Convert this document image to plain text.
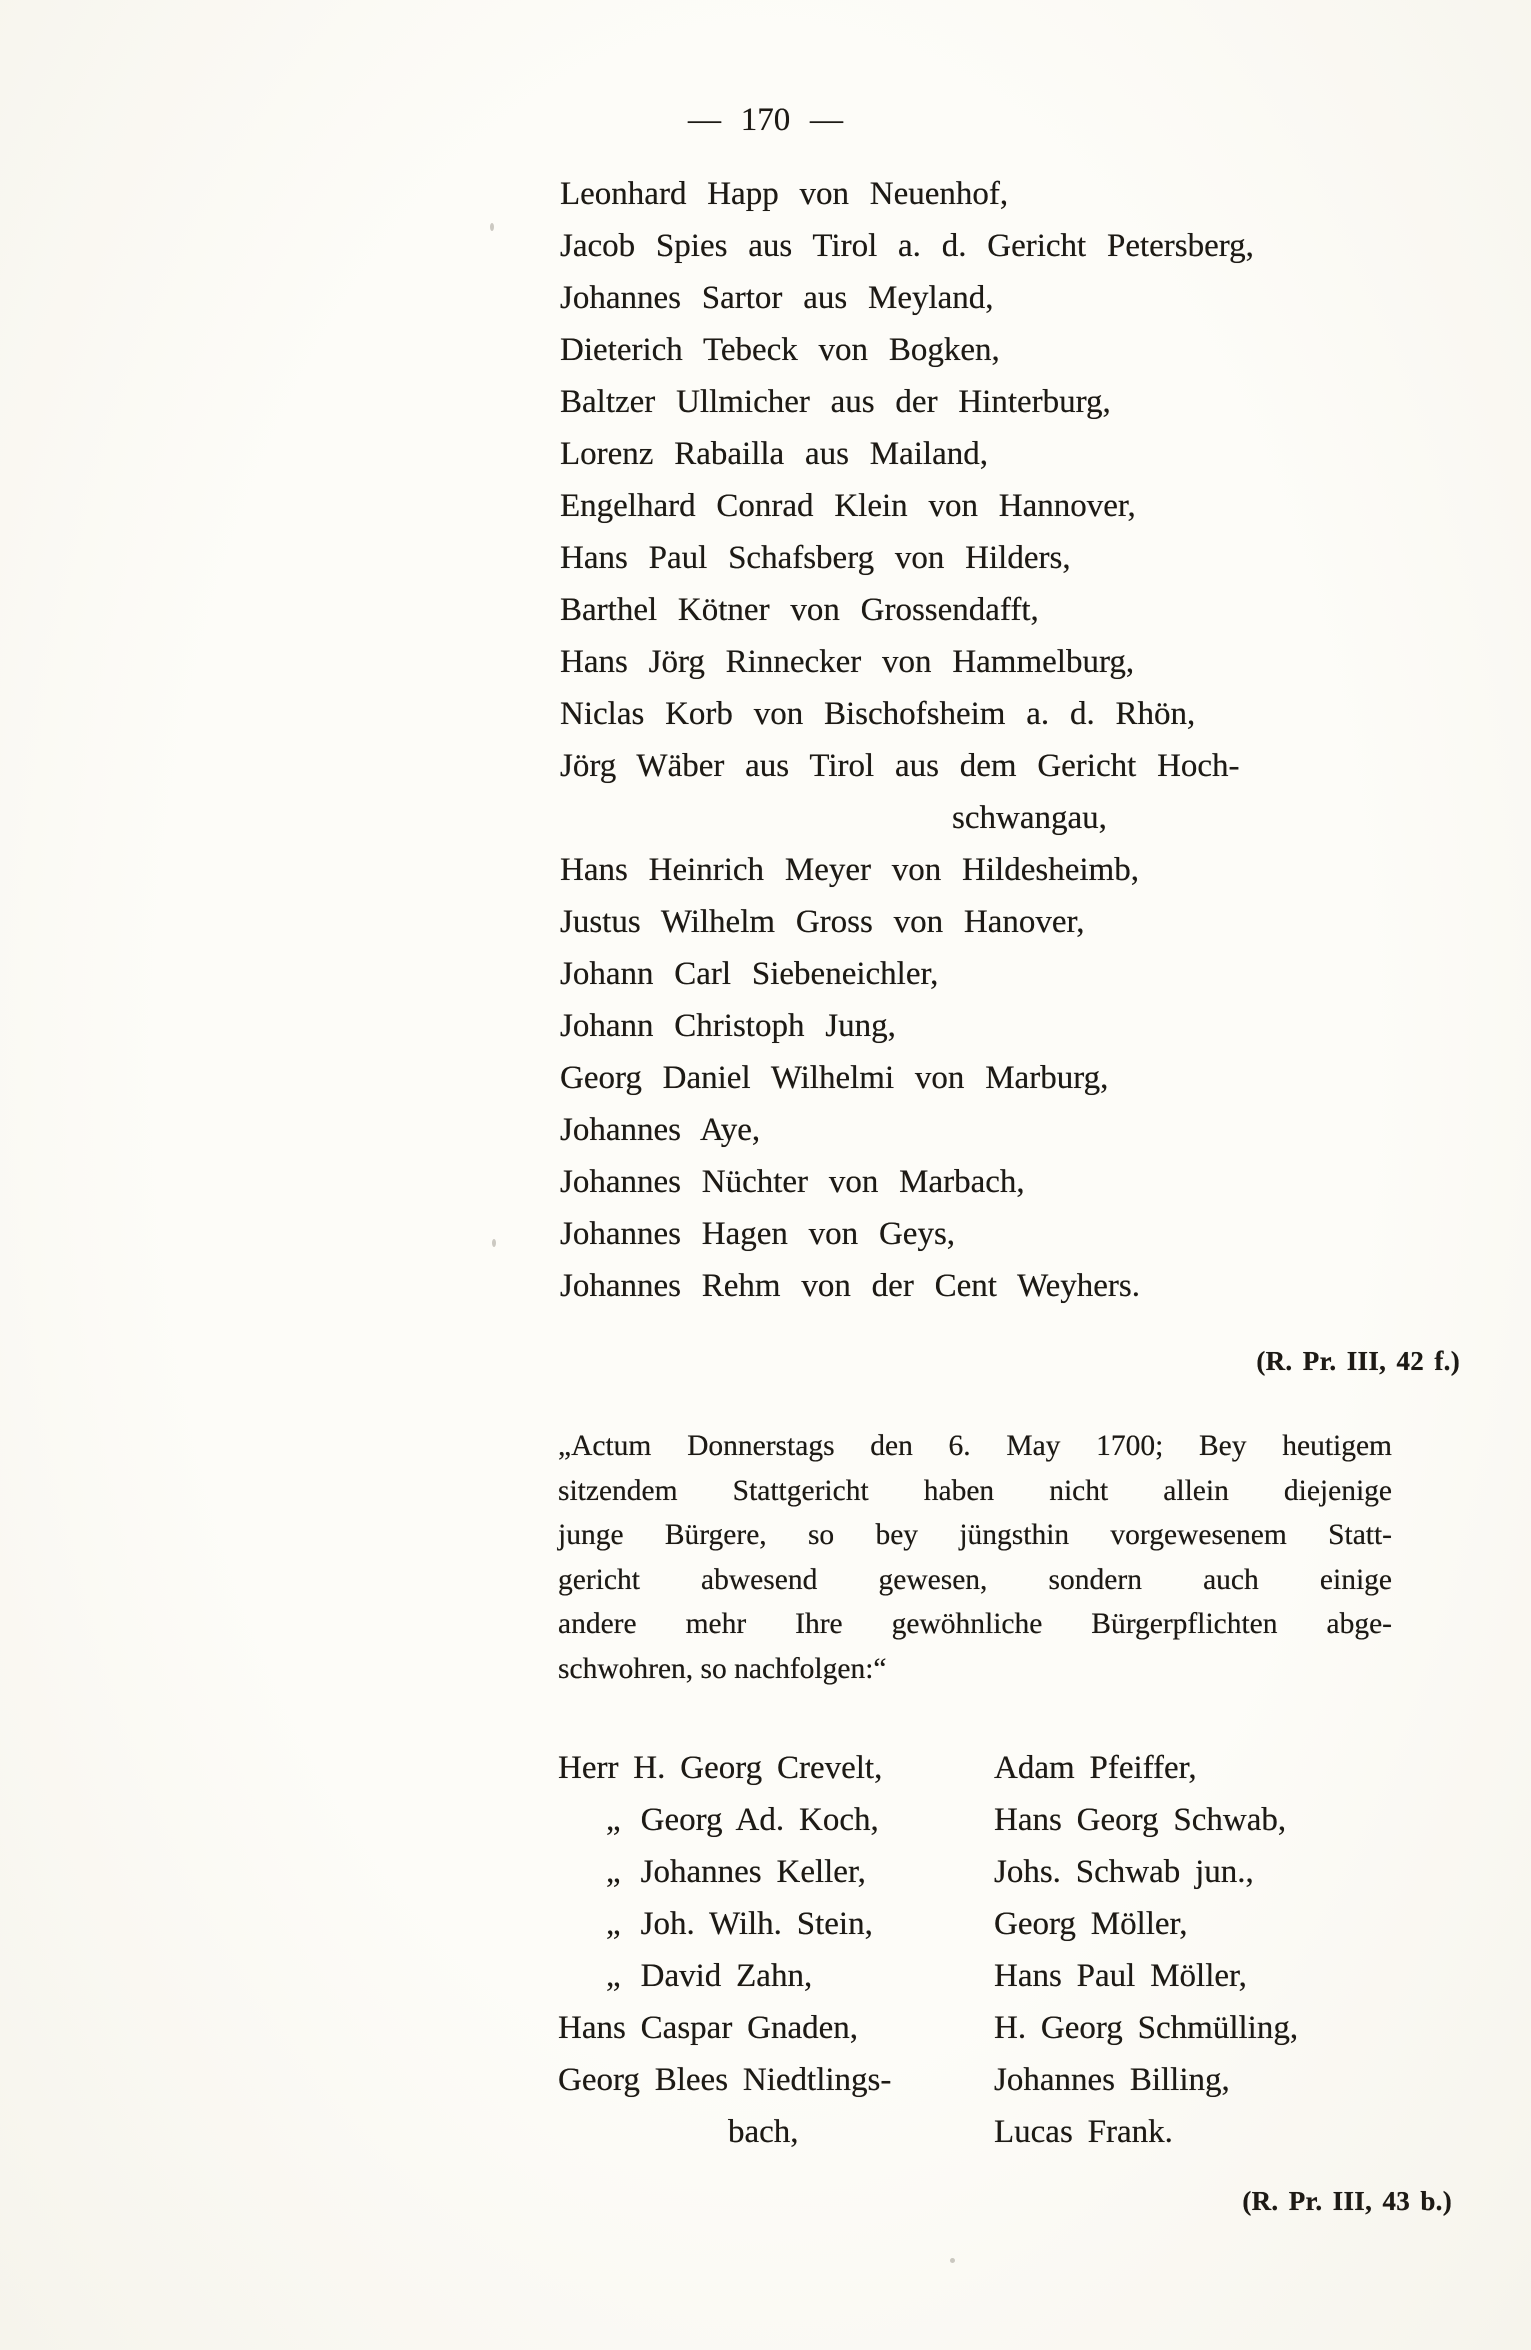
— 170 —
Leonhard Happ von Neuenhof,
Jacob Spies aus Tirol a. d. Gericht Petersberg,
Johannes Sartor aus Meyland,
Dieterich Tebeck von Bogken,
Baltzer Ullmicher aus der Hinterburg,
Lorenz Rabailla aus Mailand,
Engelhard Conrad Klein von Hannover,
Hans Paul Schafsberg von Hilders,
Barthel Kötner von Grossendafft,
Hans Jörg Rinnecker von Hammelburg,
Niclas Korb von Bischofsheim a. d. Rhön,
Jörg Wäber aus Tirol aus dem Gericht Hoch-
schwangau,
Hans Heinrich Meyer von Hildesheimb,
Justus Wilhelm Gross von Hanover,
Johann Carl Siebeneichler,
Johann Christoph Jung,
Georg Daniel Wilhelmi von Marburg,
Johannes Aye,
Johannes Nüchter von Marbach,
Johannes Hagen von Geys,
Johannes Rehm von der Cent Weyhers.
(R. Pr. III, 42 f.)
„Actum Donnerstags den 6. May 1700; Bey heutigem
sitzendem Stattgericht haben nicht allein diejenige
junge Bürgere, so bey jüngsthin vorgewesenem Statt-
gericht abwesend gewesen, sondern auch einige
andere mehr Ihre gewöhnliche Bürgerpflichten abge-
schwohren, so nachfolgen:“
Herr H. Georg Crevelt,	Adam Pfeiffer,
„ Georg Ad. Koch,	Hans Georg Schwab,
„ Johannes Keller,	Johs. Schwab jun.,
„ Joh. Wilh. Stein,	Georg Möller,
„ David Zahn,	Hans Paul Möller,
Hans Caspar Gnaden,	H. Georg Schmülling,
Georg Blees Niedtlings-	Johannes Billing,
bach,	Lucas Frank.
(R. Pr. III, 43 b.)
